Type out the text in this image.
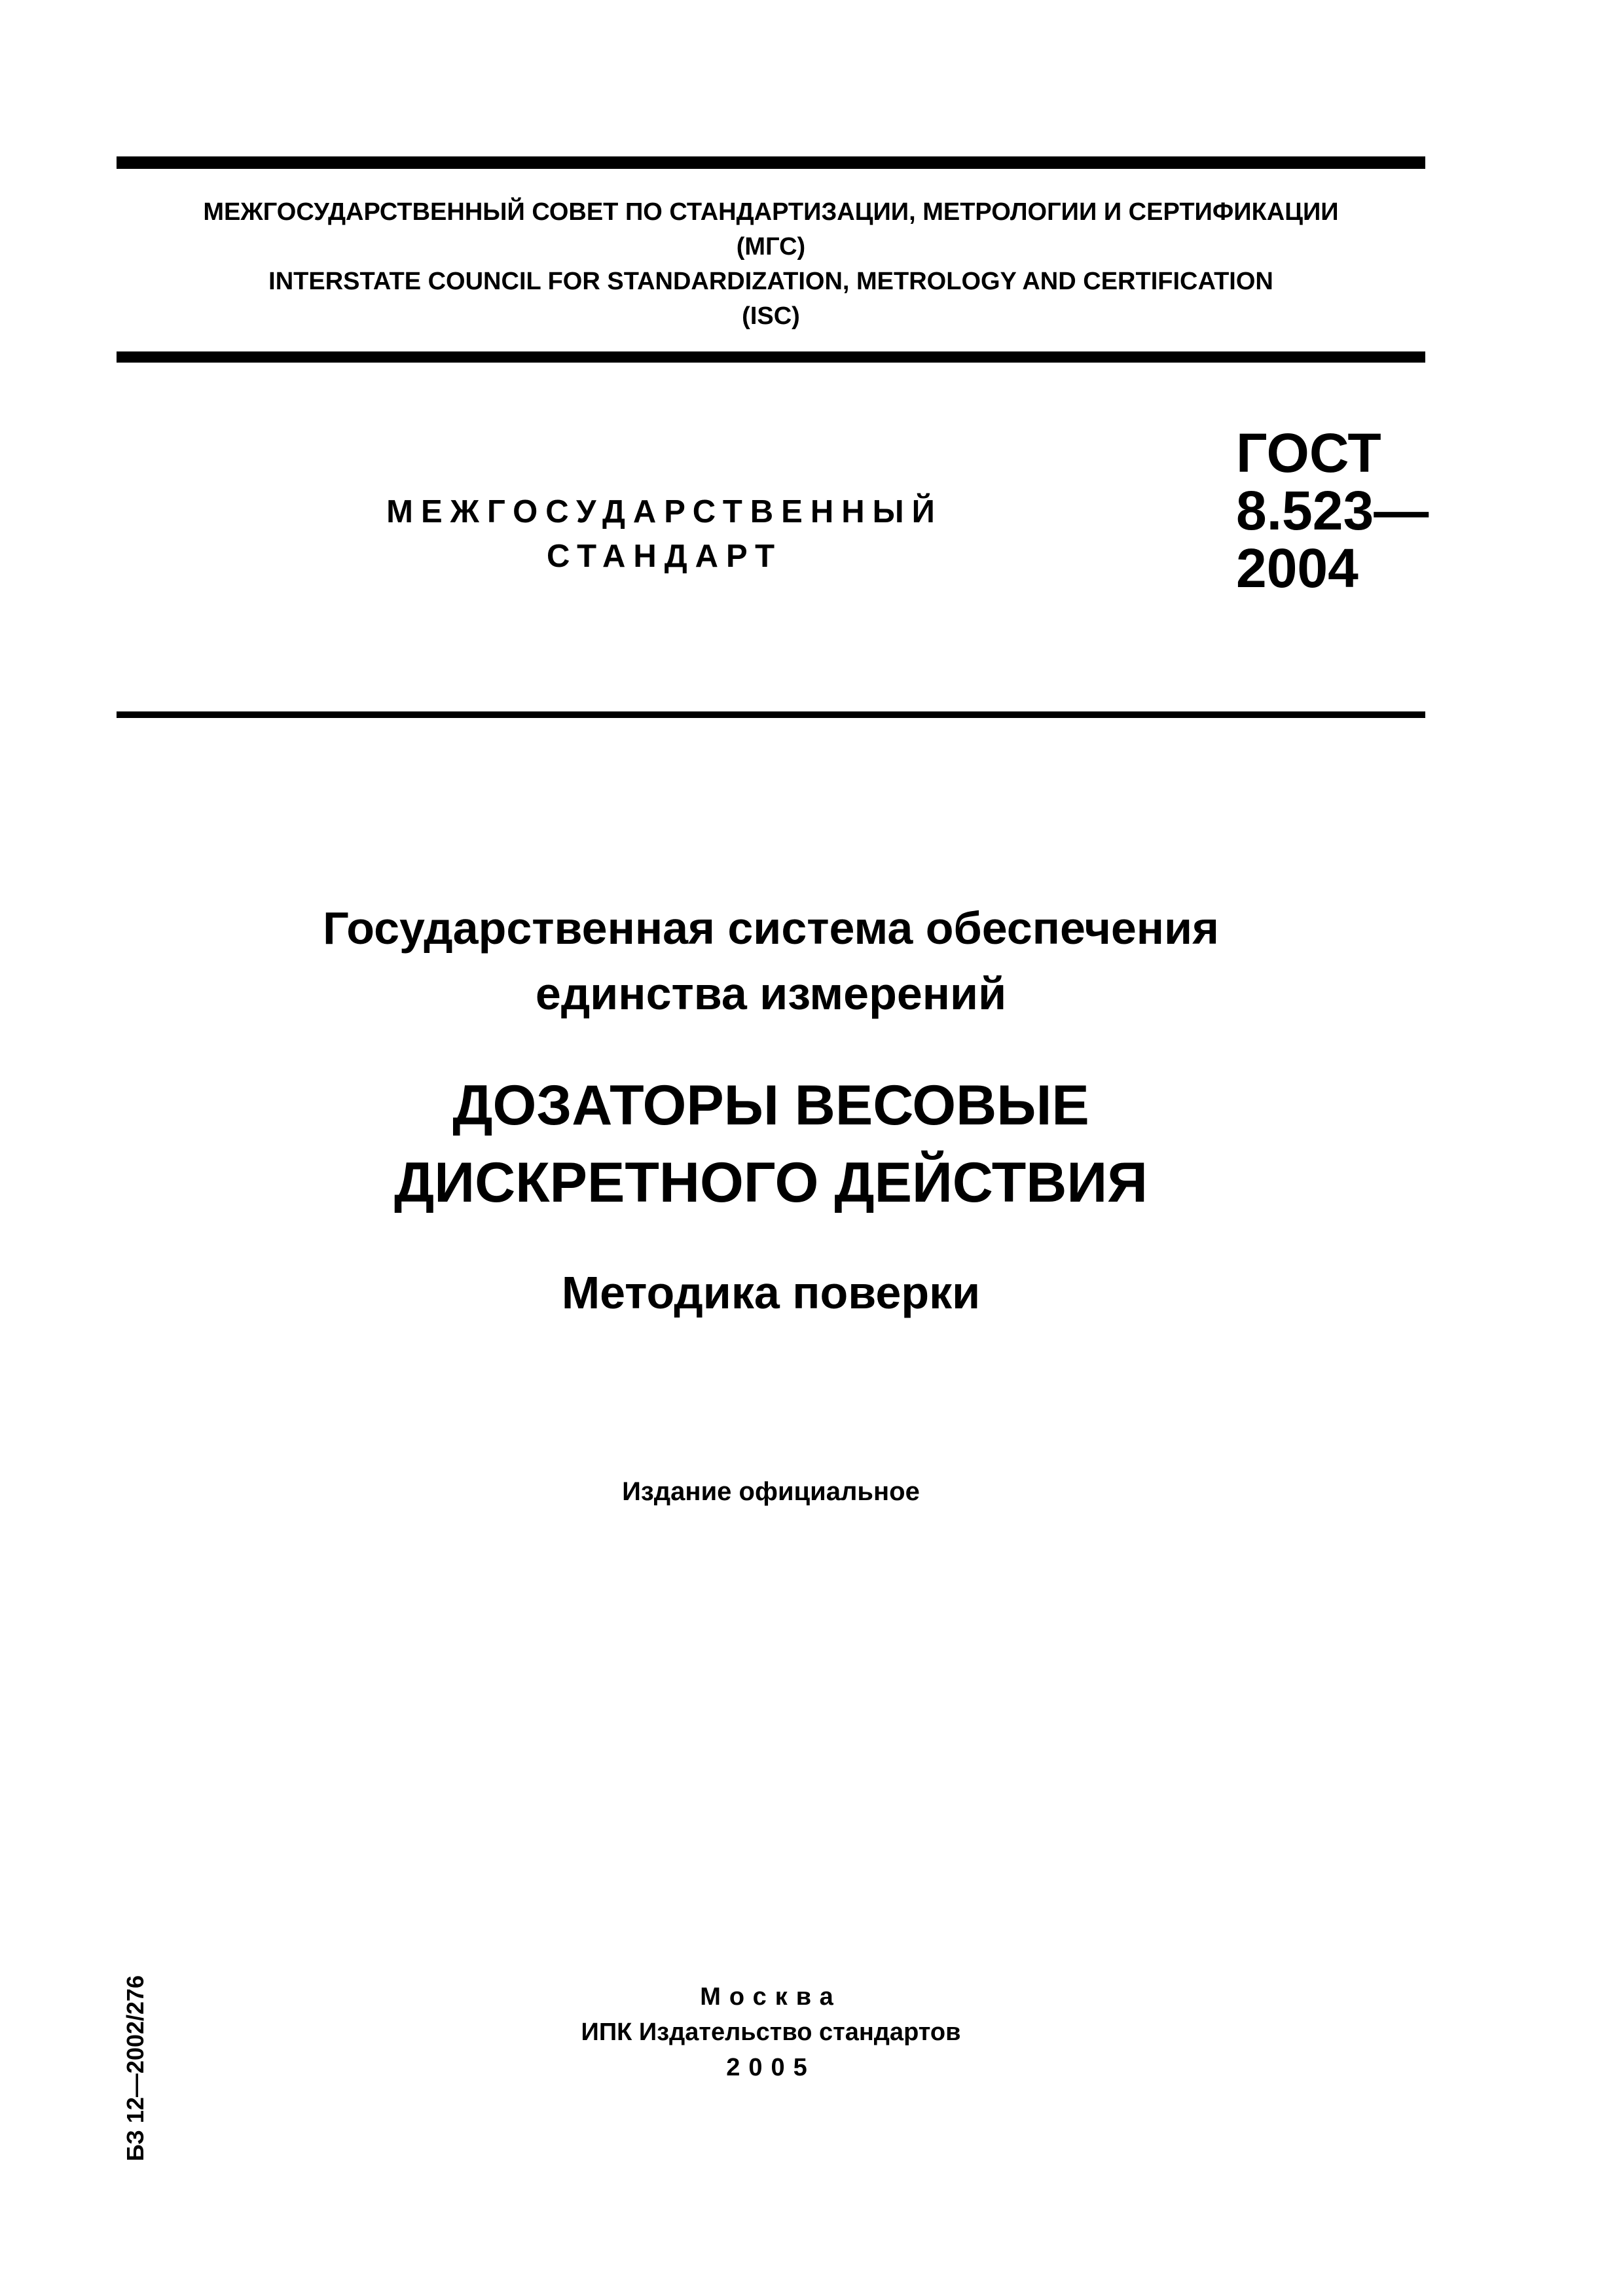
МЕЖГОСУДАРСТВЕННЫЙ СОВЕТ ПО СТАНДАРТИЗАЦИИ, МЕТРОЛОГИИ И СЕРТИФИКАЦИИ
(МГС)
INTERSTATE COUNCIL FOR STANDARDIZATION, METROLOGY AND CERTIFICATION
(ISC)
МЕЖГОСУДАРСТВЕННЫЙ
СТАНДАРТ
ГОСТ
8.523—
2004
Государственная система обеспечения
единства измерений
ДОЗАТОРЫ ВЕСОВЫЕ
ДИСКРЕТНОГО ДЕЙСТВИЯ
Методика поверки
Издание официальное
БЗ 12—2002/276	Москва
ИПК Издательство стандартов
2005
